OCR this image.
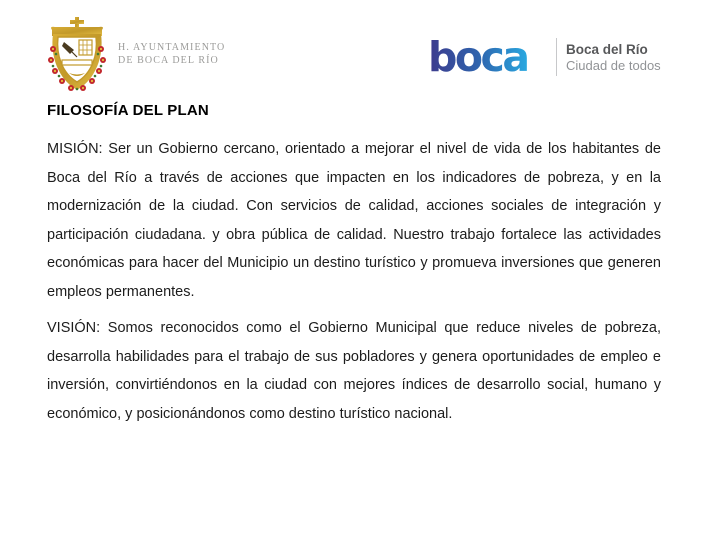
H. AYUNTAMIENTO
DE BOCA DEL RÍO	boca	Boca del Río
Ciudad de todos
FILOSOFÍA DEL PLAN

MISIÓN: Ser un Gobierno cercano, orientado a mejorar el nivel de vida de los habitantes de Boca del Río a través de acciones que impacten en los indicadores de pobreza, y en la modernización de la ciudad. Con servicios de calidad, acciones sociales de integración y participación ciudadana. y obra pública de calidad. Nuestro trabajo fortalece las actividades económicas para hacer del Municipio un destino turístico y promueva inversiones que generen empleos permanentes.

VISIÓN: Somos reconocidos como el Gobierno Municipal que reduce niveles de pobreza, desarrolla habilidades para el trabajo de sus pobladores y genera oportunidades de empleo e inversión, convirtiéndonos en la ciudad con mejores índices de desarrollo social, humano y económico, y posicionándonos como destino turístico nacional.
